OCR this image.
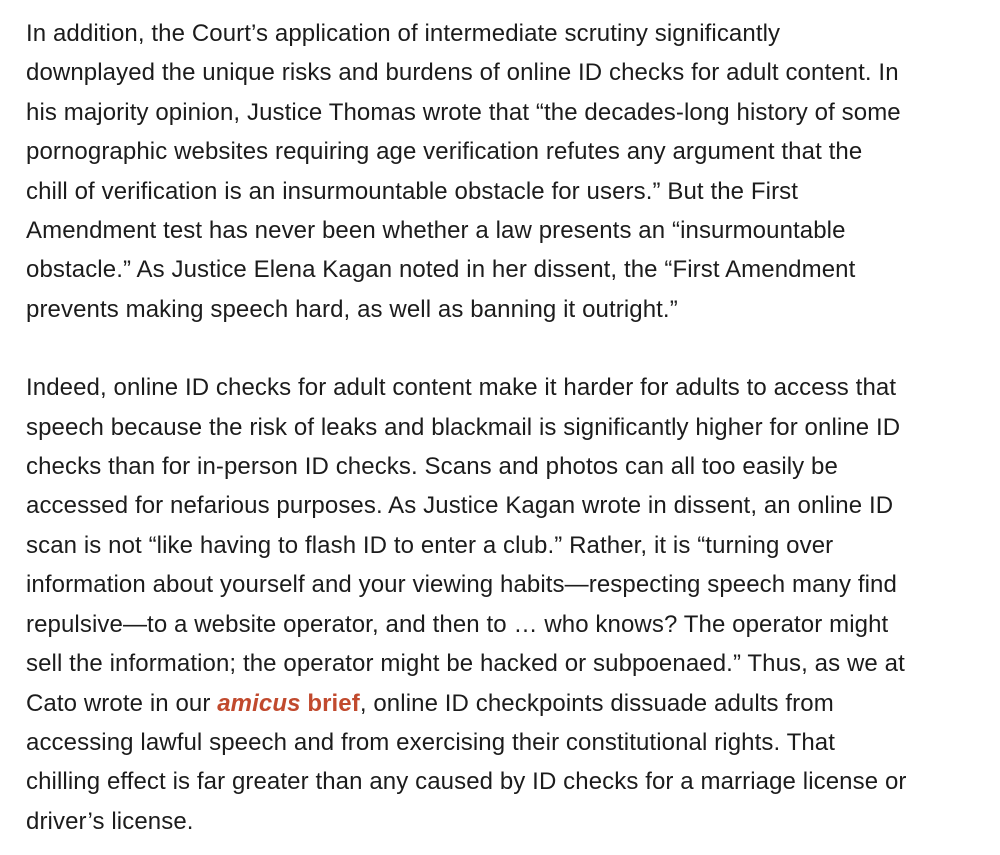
In addition, the Court’s application of intermediate scrutiny significantly
downplayed the unique risks and burdens of online ID checks for adult content. In
his majority opinion, Justice Thomas wrote that “the decades-long history of some
pornographic websites requiring age verification refutes any argument that the
chill of verification is an insurmountable obstacle for users.” But the First
Amendment test has never been whether a law presents an “insurmountable
obstacle.” As Justice Elena Kagan noted in her dissent, the “First Amendment
prevents making speech hard, as well as banning it outright.”

Indeed, online ID checks for adult content make it harder for adults to access that
speech because the risk of leaks and blackmail is significantly higher for online ID
checks than for in-person ID checks. Scans and photos can all too easily be
accessed for nefarious purposes. As Justice Kagan wrote in dissent, an online ID
scan is not “like having to flash ID to enter a club.” Rather, it is “turning over
information about yourself and your viewing habits—respecting speech many find
repulsive—to a website operator, and then to … who knows? The operator might
sell the information; the operator might be hacked or subpoenaed.” Thus, as we at
Cato wrote in our amicus brief, online ID checkpoints dissuade adults from
accessing lawful speech and from exercising their constitutional rights. That
chilling effect is far greater than any caused by ID checks for a marriage license or
driver’s license.
